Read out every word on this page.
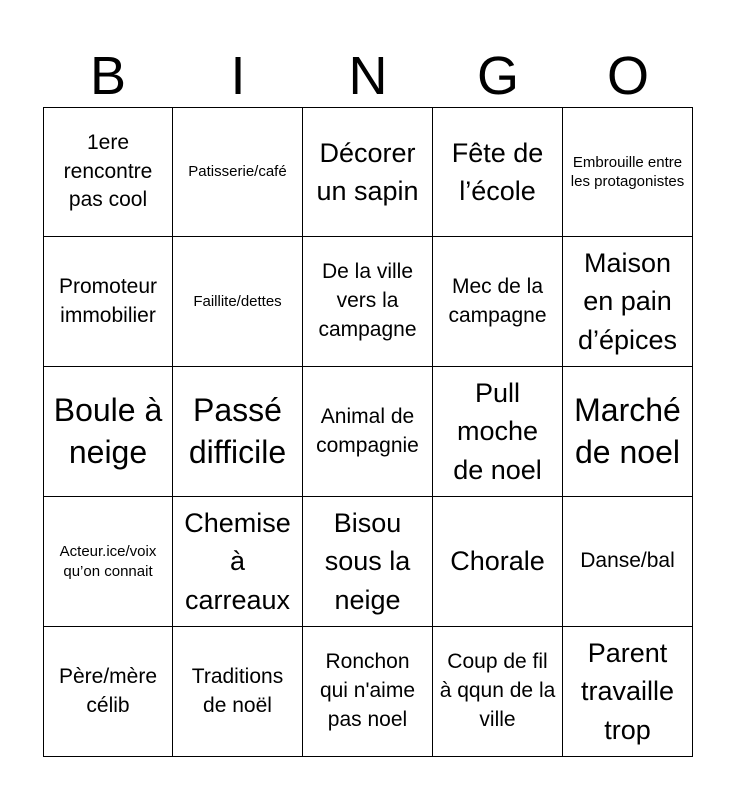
B	I	N	G	O
1ere rencontre pas cool
Patisserie/café
Décorer un sapin
Fête de l’école
Embrouille entre les protagonistes
Promoteur immobilier
Faillite/dettes
De la ville vers la campagne
Mec de la campagne
Maison en pain d’épices
Boule à neige
Passé difficile
Animal de compagnie
Pull moche de noel
Marché de noel
Acteur.ice/voix qu’on connait
Chemise à carreaux
Bisou sous la neige
Chorale Danse/bal
Père/mère célib
Traditions de noël
Ronchon qui n'aime pas noel
Coup de fil à qqun de la ville
Parent travaille trop
